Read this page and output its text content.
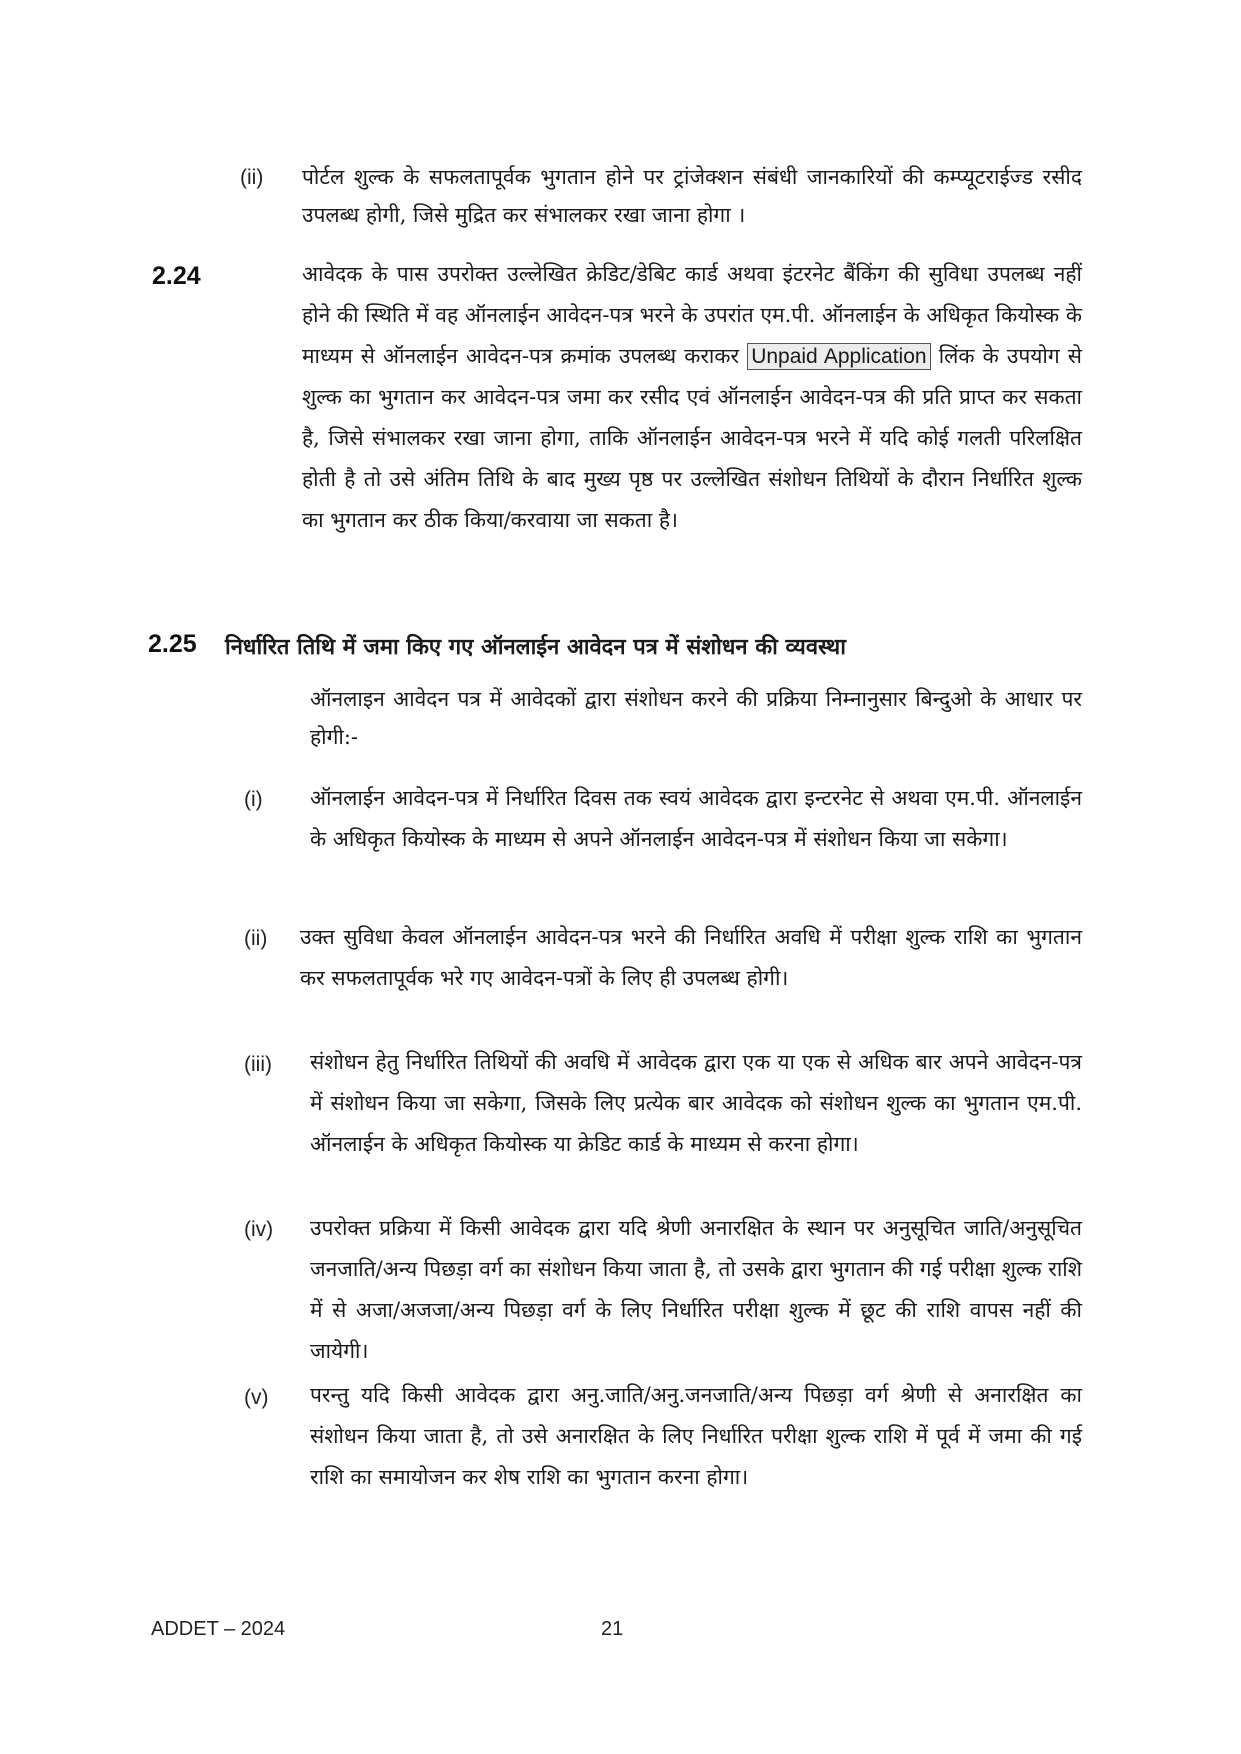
(ii) पोर्टल शुल्क के सफलतापूर्वक भुगतान होने पर ट्रांजेक्शन संबंधी जानकारियों की कम्प्यूटराईज्ड रसीद उपलब्ध होगी, जिसे मुद्रित कर संभालकर रखा जाना होगा ।
2.24	आवेदक के पास उपरोक्त उल्लेखित क्रेडिट/डेबिट कार्ड अथवा इंटरनेट बैंकिंग की सुविधा उपलब्ध नहीं होने की स्थिति में वह ऑनलाईन आवेदन-पत्र भरने के उपरांत एम.पी. ऑनलाईन के अधिकृत कियोस्क के माध्यम से ऑनलाईन आवेदन-पत्र क्रमांक उपलब्ध कराकर Unpaid Application लिंक के उपयोग से शुल्क का भुगतान कर आवेदन-पत्र जमा कर रसीद एवं ऑनलाईन आवेदन-पत्र की प्रति प्राप्त कर सकता है, जिसे संभालकर रखा जाना होगा, ताकि ऑनलाईन आवेदन-पत्र भरने में यदि कोई गलती परिलक्षित होती है तो उसे अंतिम तिथि के बाद मुख्य पृष्ठ पर उल्लेखित संशोधन तिथियों के दौरान निर्धारित शुल्क का भुगतान कर ठीक किया/करवाया जा सकता है।
2.25 निर्धारित तिथि में जमा किए गए ऑनलाईन आवेदन पत्र में संशोधन की व्यवस्था
ऑनलाइन आवेदन पत्र में आवेदकों द्वारा संशोधन करने की प्रक्रिया निम्नानुसार बिन्दुओ के आधार पर होगी:-
(i) ऑनलाईन आवेदन-पत्र में निर्धारित दिवस तक स्वयं आवेदक द्वारा इन्टरनेट से अथवा एम.पी. ऑनलाईन के अधिकृत कियोस्क के माध्यम से अपने ऑनलाईन आवेदन-पत्र में संशोधन किया जा सकेगा।
(ii) उक्त सुविधा केवल ऑनलाईन आवेदन-पत्र भरने की निर्धारित अवधि में परीक्षा शुल्क राशि का भुगतान कर सफलतापूर्वक भरे गए आवेदन-पत्रों के लिए ही उपलब्ध होगी।
(iii) संशोधन हेतु निर्धारित तिथियों की अवधि में आवेदक द्वारा एक या एक से अधिक बार अपने आवेदन-पत्र में संशोधन किया जा सकेगा, जिसके लिए प्रत्येक बार आवेदक को संशोधन शुल्क का भुगतान एम.पी. ऑनलाईन के अधिकृत कियोस्क या क्रेडिट कार्ड के माध्यम से करना होगा।
(iv) उपरोक्त प्रक्रिया में किसी आवेदक द्वारा यदि श्रेणी अनारक्षित के स्थान पर अनुसूचित जाति/अनुसूचित जनजाति/अन्य पिछड़ा वर्ग का संशोधन किया जाता है, तो उसके द्वारा भुगतान की गई परीक्षा शुल्क राशि में से अजा/अजजा/अन्य पिछड़ा वर्ग के लिए निर्धारित परीक्षा शुल्क में छूट की राशि वापस नहीं की जायेगी।
(v) परन्तु यदि किसी आवेदक द्वारा अनु.जाति/अनु.जनजाति/अन्य पिछड़ा वर्ग श्रेणी से अनारक्षित का संशोधन किया जाता है, तो उसे अनारक्षित के लिए निर्धारित परीक्षा शुल्क राशि में पूर्व में जमा की गई राशि का समायोजन कर शेष राशि का भुगतान करना होगा।
ADDET – 2024	21
